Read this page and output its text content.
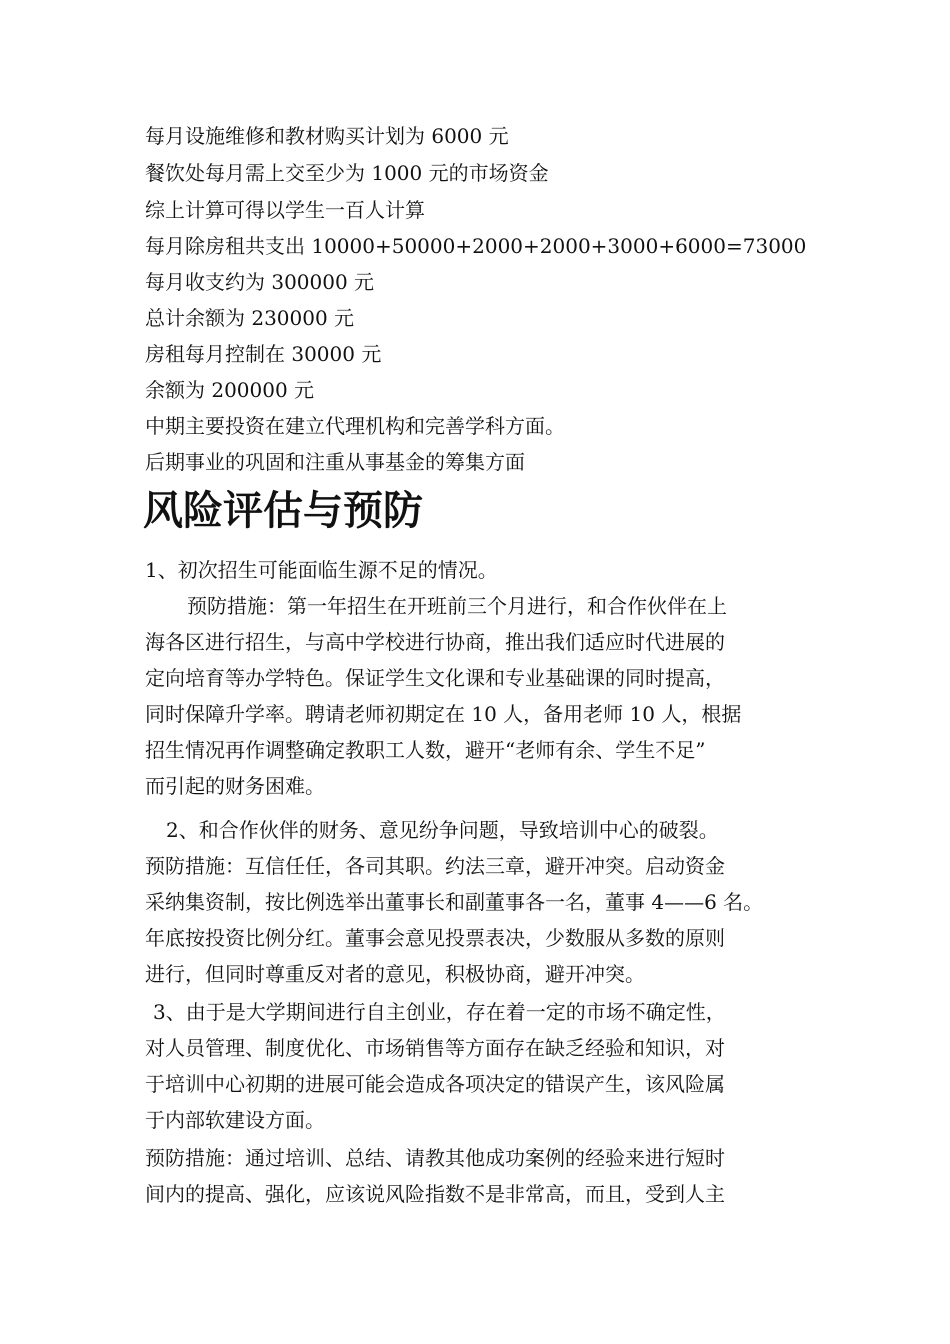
每月设施维修和教材购买计划为 6000 元
餐饮处每月需上交至少为 1000 元的市场资金
综上计算可得以学生一百人计算
每月除房租共支出 10000+50000+2000+2000+3000+6000=73000
每月收支约为 300000 元
总计余额为 230000 元
房租每月控制在 30000 元
余额为 200000 元
中期主要投资在建立代理机构和完善学科方面。
后期事业的巩固和注重从事基金的筹集方面
风险评估与预防
1、初次招生可能面临生源不足的情况。
预防措施：第一年招生在开班前三个月进行，和合作伙伴在上
海各区进行招生，与高中学校进行协商，推出我们适应时代进展的
定向培育等办学特色。保证学生文化课和专业基础课的同时提高，
同时保障升学率。聘请老师初期定在 10 人，备用老师 10 人，根据
招生情况再作调整确定教职工人数，避开“老师有余、学生不足”
而引起的财务困难。
2、和合作伙伴的财务、意见纷争问题，导致培训中心的破裂。
预防措施：互信任任，各司其职。约法三章，避开冲突。启动资金
采纳集资制，按比例选举出董事长和副董事各一名，董事 4——6 名。
年底按投资比例分红。董事会意见投票表决，少数服从多数的原则
进行，但同时尊重反对者的意见，积极协商，避开冲突。
3、由于是大学期间进行自主创业，存在着一定的市场不确定性，
对人员管理、制度优化、市场销售等方面存在缺乏经验和知识，对
于培训中心初期的进展可能会造成各项决定的错误产生，该风险属
于内部软建设方面。
预防措施：通过培训、总结、请教其他成功案例的经验来进行短时
间内的提高、强化，应该说风险指数不是非常高，而且，受到人主
